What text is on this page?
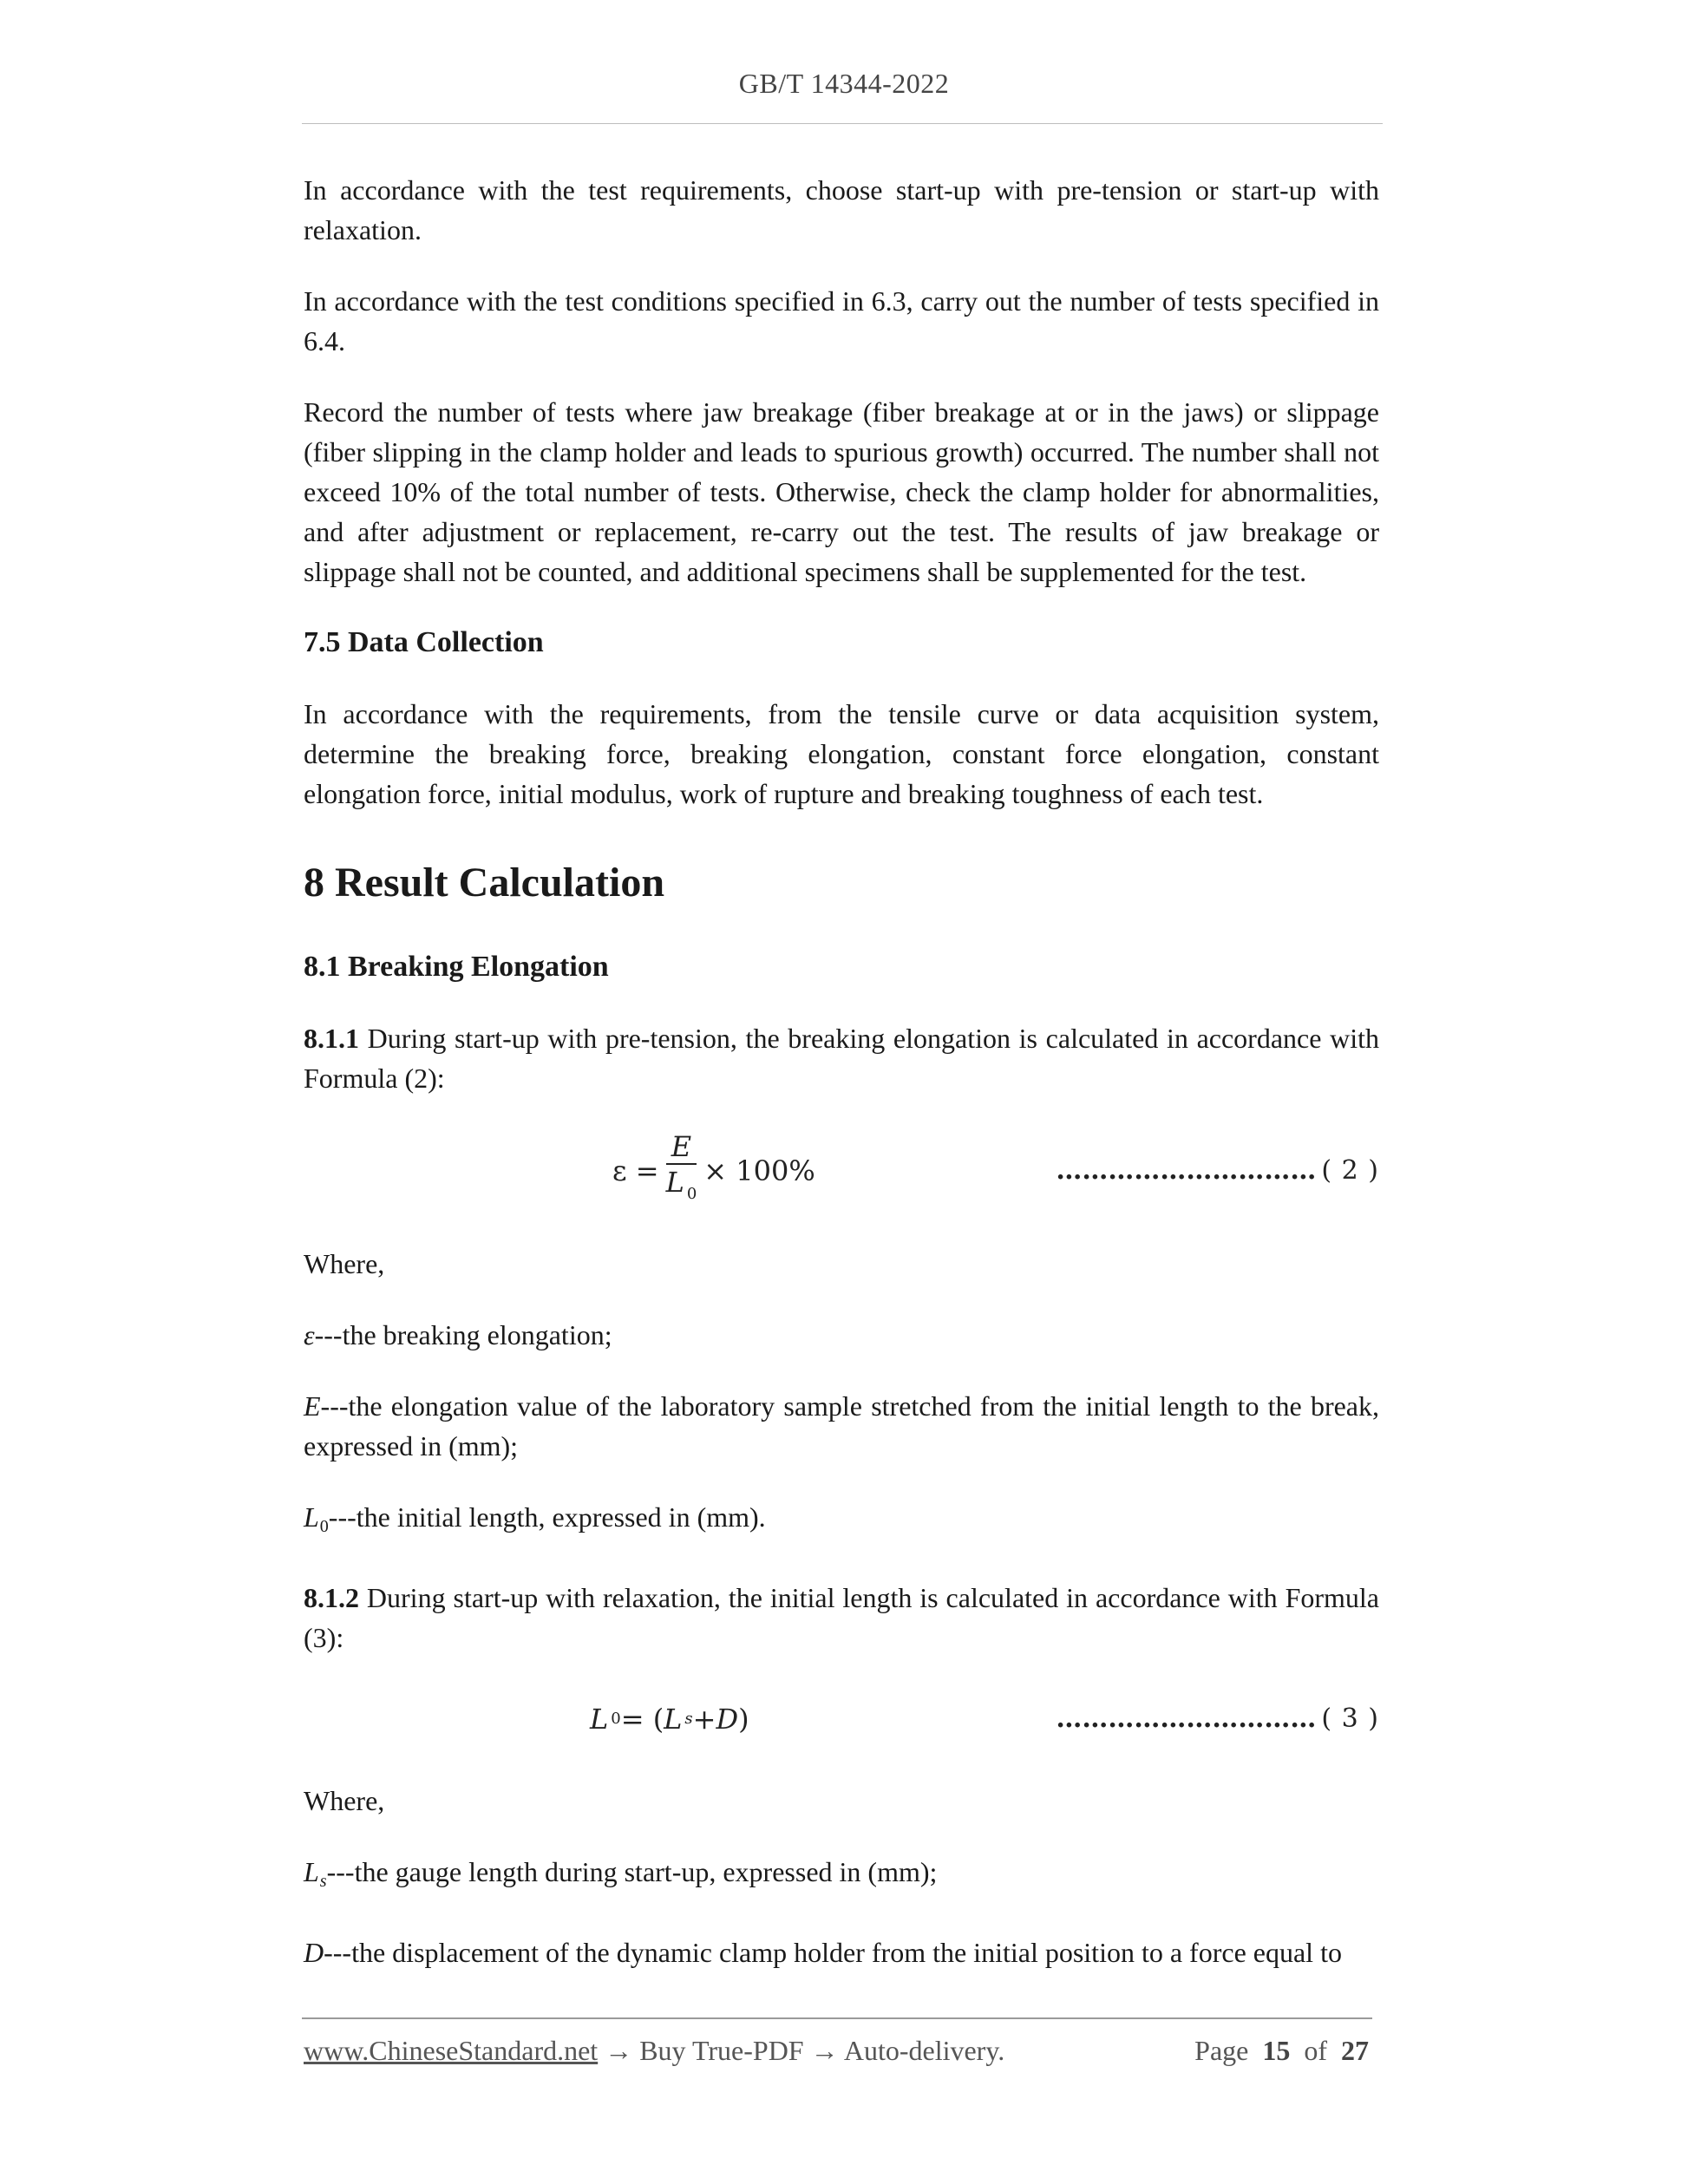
GB/T 14344-2022

In accordance with the test requirements, choose start-up with pre-tension or start-up with relaxation.

In accordance with the test conditions specified in 6.3, carry out the number of tests specified in 6.4.

Record the number of tests where jaw breakage (fiber breakage at or in the jaws) or slippage (fiber slipping in the clamp holder and leads to spurious growth) occurred. The number shall not exceed 10% of the total number of tests. Otherwise, check the clamp holder for abnormalities, and after adjustment or replacement, re-carry out the test. The results of jaw breakage or slippage shall not be counted, and additional specimens shall be supplemented for the test.

7.5 Data Collection

In accordance with the requirements, from the tensile curve or data acquisition system, determine the breaking force, breaking elongation, constant force elongation, constant elongation force, initial modulus, work of rupture and breaking toughness of each test.

8 Result Calculation
8.1 Breaking Elongation

8.1.1 During start-up with pre-tension, the breaking elongation is calculated in accordance with Formula (2):

$\varepsilon = \frac{E}{L _0} \times 100\%$	………………………… ( 2 )

Where,

ε---the breaking elongation;

E---the elongation value of the laboratory sample stretched from the initial length to the break, expressed in (mm);

L0---the initial length, expressed in (mm).

8.1.2 During start-up with relaxation, the initial length is calculated in accordance with Formula (3):

L 0 = ( L s + D )	………………………… ( 3 )

Where,

Ls---the gauge length during start-up, expressed in (mm);

D---the displacement of the dynamic clamp holder from the initial position to a force equal to

www.ChineseStandard.net → Buy True-PDF → Auto-delivery.	Page 15 of 27
